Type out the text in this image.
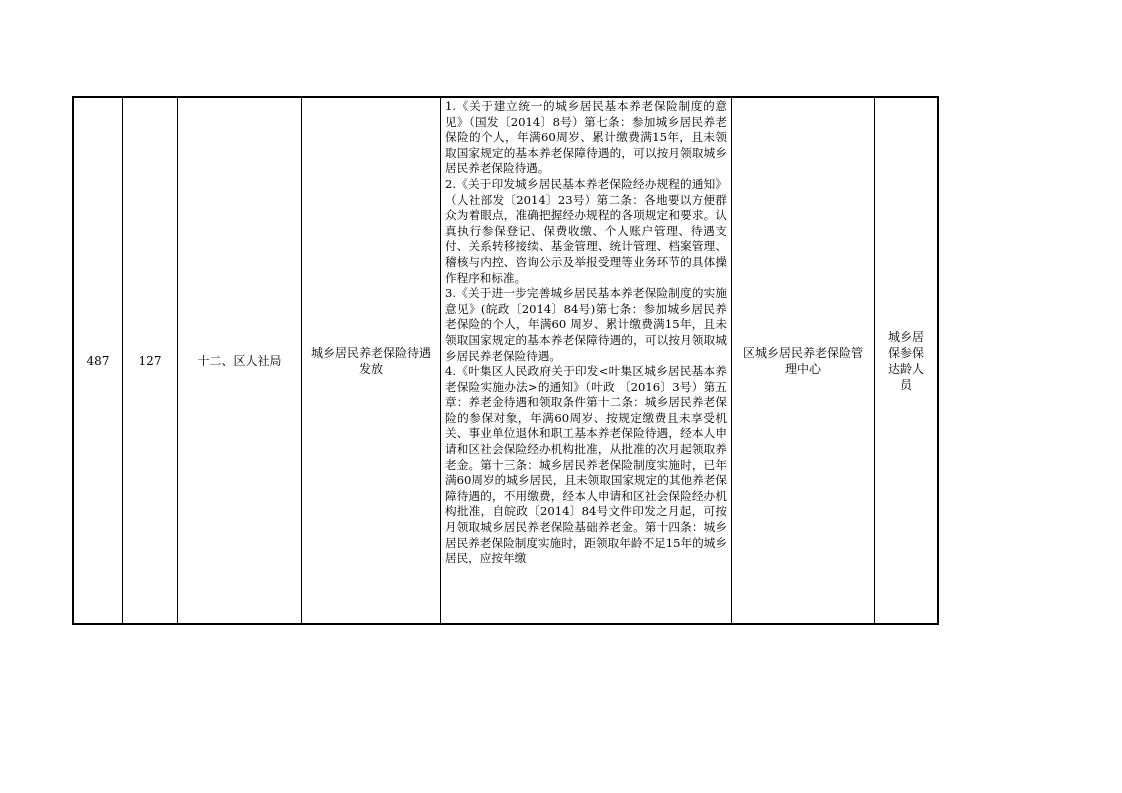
487	127	十二、区人社局
城乡居民养老保险待遇发放

1.《关于建立统一的城乡居民基本养老保险制度的意见》（国发〔2014〕8号）第七条：参加城乡居民养老保险的个人，年满60周岁、累计缴费满15年，且未领取国家规定的基本养老保障待遇的，可以按月领取城乡居民养老保险待遇。

2.《关于印发城乡居民基本养老保险经办规程的通知》（人社部发〔2014〕23号）第二条：各地要以方便群众为着眼点，准确把握经办规程的各项规定和要求。认真执行参保登记、保费收缴、个人账户管理、待遇支付、关系转移接续、基金管理、统计管理、档案管理、稽核与内控、咨询公示及举报受理等业务环节的具体操作程序和标准。

3.《关于进一步完善城乡居民基本养老保险制度的实施意见》(皖政〔2014〕84号)第七条：参加城乡居民养老保险的个人，年满60 周岁、累计缴费满15年，且未领取国家规定的基本养老保障待遇的，可以按月领取城乡居民养老保险待遇。

4.《叶集区人民政府关于印发<叶集区城乡居民基本养老保险实施办法>的通知》（叶政 〔2016〕3号）第五章：养老金待遇和领取条件第十二条：城乡居民养老保险的参保对象，年满60周岁、按规定缴费且未享受机关、事业单位退休和职工基本养老保险待遇，经本人申请和区社会保险经办机构批准，从批准的次月起领取养老金。第十三条：城乡居民养老保险制度实施时，已年满60周岁的城乡居民，且未领取国家规定的其他养老保障待遇的，不用缴费，经本人申请和区社会保险经办机构批准，自皖政〔2014〕84号文件印发之月起，可按月领取城乡居民养老保险基础养老金。第十四条：城乡居民养老保险制度实施时，距领取年龄不足15年的城乡居民，应按年缴

区城乡居民养老保险管理中心
城乡居保参保达龄人员
